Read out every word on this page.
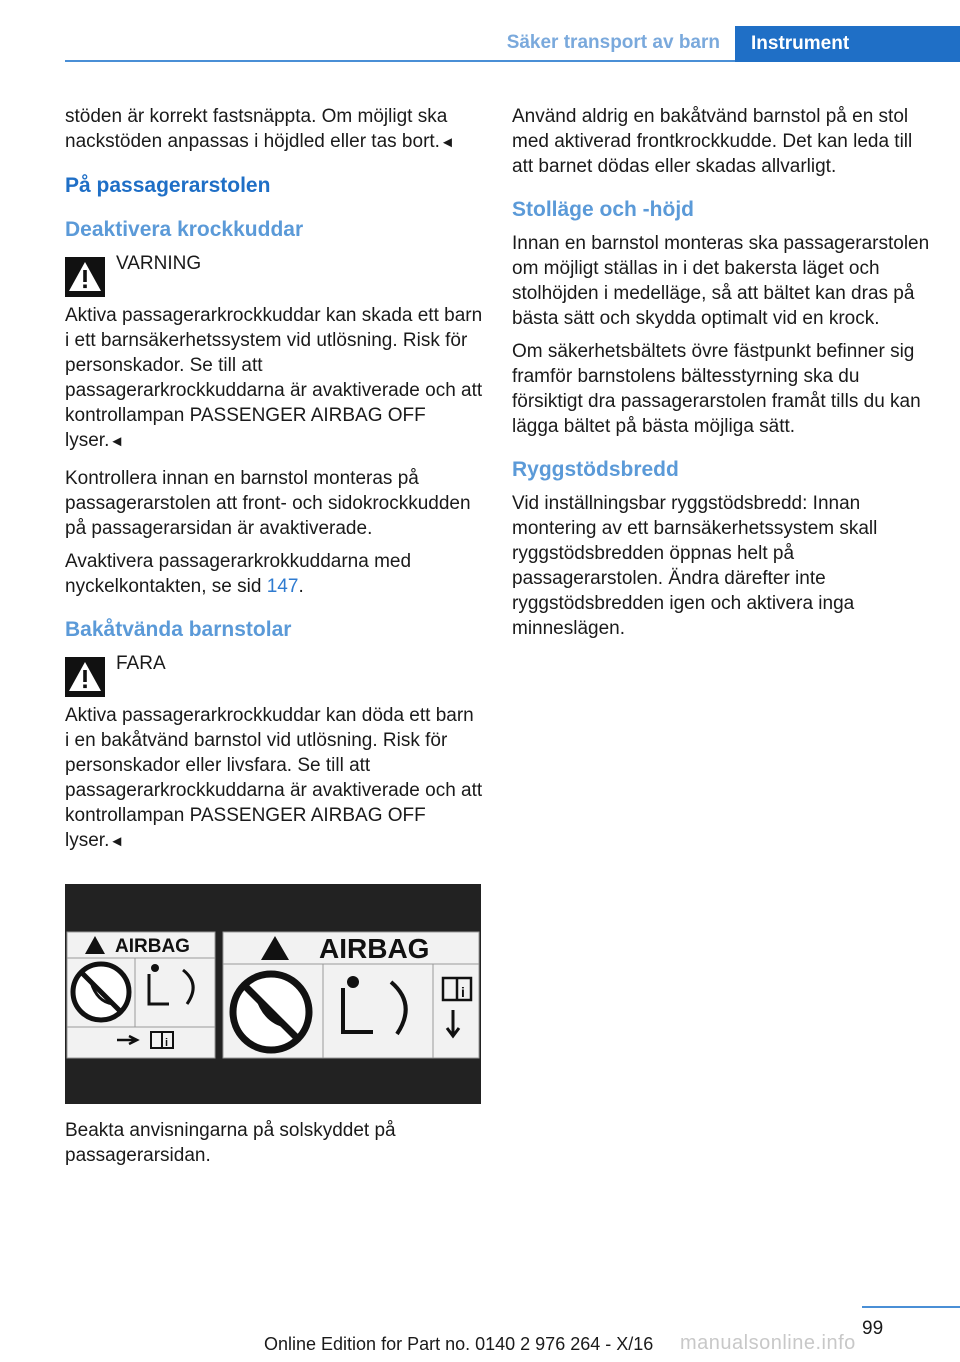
Säker transport av barn	Instrument

stöden är korrekt fastsnäppta. Om möjligt ska nackstöden anpassas i höjdled eller tas bort.◄

På passagerarstolen
Deaktivera krockkuddar
VARNING

Aktiva passagerarkrockkuddar kan skada ett barn i ett barnsäkerhetssystem vid utlösning. Risk för personskador. Se till att passagerarkrockkuddarna är avaktiverade och att kontrollampan PASSENGER AIRBAG OFF lyser.◄

Kontrollera innan en barnstol monteras på passagerarstolen att front- och sidokrockkudden på passagerarsidan är avaktiverade.

Avaktivera passagerarkrokkuddarna med nyckelkontakten, se sid 147.

Bakåtvända barnstolar
FARA

Aktiva passagerarkrockkuddar kan döda ett barn i en bakåtvänd barnstol vid utlösning. Risk för personskador eller livsfara. Se till att passagerarkrockkuddarna är avaktiverade och att kontrollampan PASSENGER AIRBAG OFF lyser.◄

AIRBAG
i
AIRBAG
i

Beakta anvisningarna på solskyddet på passagerarsidan.

Använd aldrig en bakåtvänd barnstol på en stol med aktiverad frontkrockkudde. Det kan leda till att barnet dödas eller skadas allvarligt.

Stolläge och -höjd

Innan en barnstol monteras ska passagerarstolen om möjligt ställas in i det bakersta läget och stolhöjden i medelläge, så att bältet kan dras på bästa sätt och skydda optimalt vid en krock.

Om säkerhetsbältets övre fästpunkt befinner sig framför barnstolens bältesstyrning ska du försiktigt dra passagerarstolen framåt tills du kan lägga bältet på bästa möjliga sätt.

Ryggstödsbredd

Vid inställningsbar ryggstödsbredd: Innan montering av ett barnsäkerhetssystem skall ryggstödsbredden öppnas helt på passagerarstolen. Ändra därefter inte ryggstödsbredden igen och aktivera inga minneslägen.

99
Online Edition for Part no. 0140 2 976 264 - X/16 manualsonline.info
